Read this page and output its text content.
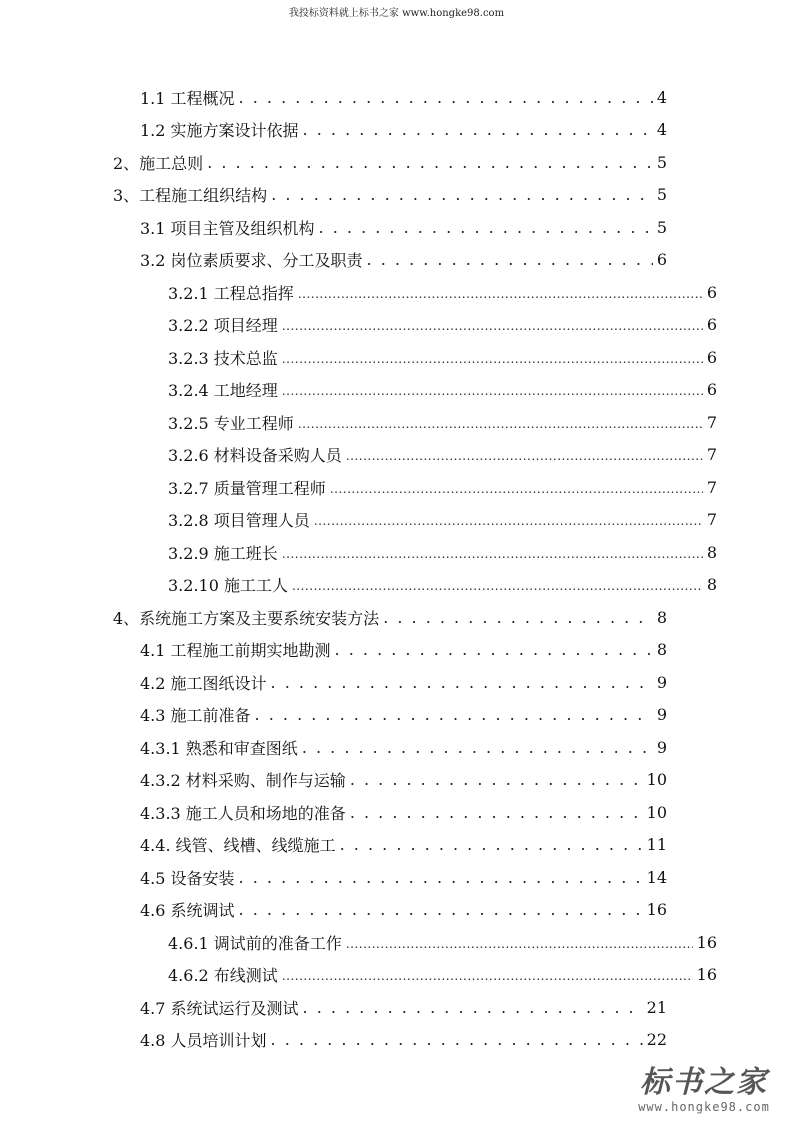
我投标资料就上标书之家 www.hongke98.com
1.1 工程概况 . . .	4
1.2 实施方案设计依据 . . .	4
2、施工总则 . . .	5
3、工程施工组织结构 . . .	5
3.1 项目主管及组织机构 . . .	5
3.2 岗位素质要求、分工及职责 . . .	6
3.2.1 工程总指挥 .....	6
3.2.2 项目经理 .....	6
3.2.3 技术总监 .....	6
3.2.4 工地经理 .....	6
3.2.5 专业工程师 .....	7
3.2.6 材料设备采购人员 .....	7
3.2.7 质量管理工程师 .....	7
3.2.8 项目管理人员 .....	7
3.2.9 施工班长 .....	8
3.2.10 施工工人 .....	8
4、系统施工方案及主要系统安装方法 . . .	8
4.1 工程施工前期实地勘测 . . .	8
4.2 施工图纸设计 . . .	9
4.3 施工前准备 . . .	9
4.3.1 熟悉和审查图纸 . . .	9
4.3.2 材料采购、制作与运输 . . .	10
4.3.3 施工人员和场地的准备 . . .	10
4.4. 线管、线槽、线缆施工 . . .	11
4.5 设备安装 . . .	14
4.6 系统调试 . . .	16
4.6.1 调试前的准备工作 .....	16
4.6.2 布线测试 .....	16
4.7 系统试运行及测试 . . .	21
4.8 人员培训计划 . . .	22
标书之家
www.hongke98.com
